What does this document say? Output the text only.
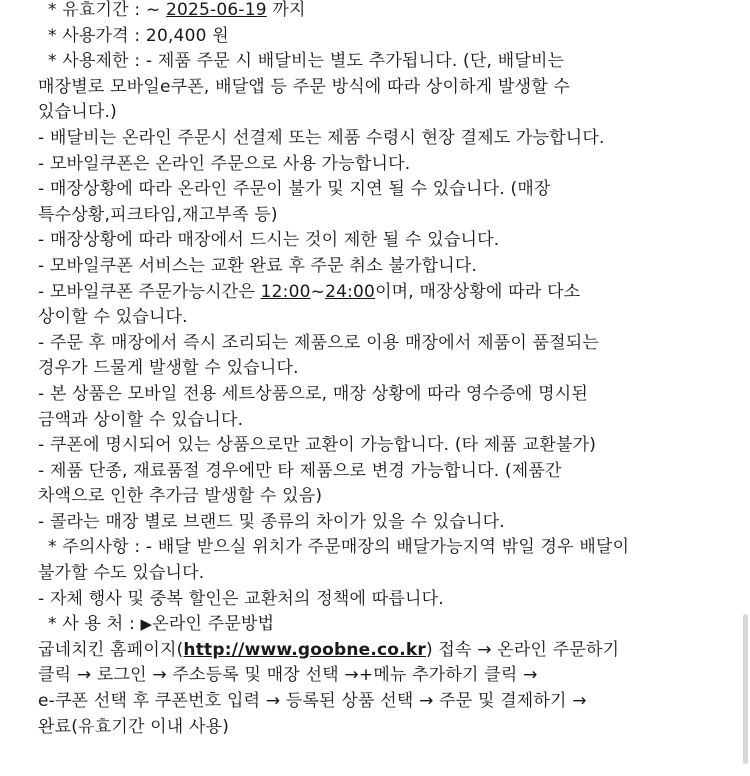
* 유효기간 : ~ 2025-06-19 까지
* 사용가격 : 20,400 원
* 사용제한 : - 제품 주문 시 배달비는 별도 추가됩니다. (단, 배달비는
매장별로 모바일e쿠폰, 배달앱 등 주문 방식에 따라 상이하게 발생할 수
있습니다.)
- 배달비는 온라인 주문시 선결제 또는 제품 수령시 현장 결제도 가능합니다.
- 모바일쿠폰은 온라인 주문으로 사용 가능합니다.
- 매장상황에 따라 온라인 주문이 불가 및 지연 될 수 있습니다. (매장
특수상황,피크타임,재고부족 등)
- 매장상황에 따라 매장에서 드시는 것이 제한 될 수 있습니다.
- 모바일쿠폰 서비스는 교환 완료 후 주문 취소 불가합니다.
- 모바일쿠폰 주문가능시간은 12:00~24:00이며, 매장상황에 따라 다소
상이할 수 있습니다.
- 주문 후 매장에서 즉시 조리되는 제품으로 이용 매장에서 제품이 품절되는
경우가 드물게 발생할 수 있습니다.
- 본 상품은 모바일 전용 세트상품으로, 매장 상황에 따라 영수증에 명시된
금액과 상이할 수 있습니다.
- 쿠폰에 명시되어 있는 상품으로만 교환이 가능합니다. (타 제품 교환불가)
- 제품 단종, 재료품절 경우에만 타 제품으로 변경 가능합니다. (제품간
차액으로 인한 추가금 발생할 수 있음)
- 콜라는 매장 별로 브랜드 및 종류의 차이가 있을 수 있습니다.
* 주의사항 : - 배달 받으실 위치가 주문매장의 배달가능지역 밖일 경우 배달이
불가할 수도 있습니다.
- 자체 행사 및 중복 할인은 교환처의 정책에 따릅니다.
* 사 용 처 : ▶온라인 주문방법
굽네치킨 홈페이지(http://www.goobne.co.kr) 접속 → 온라인 주문하기
클릭 → 로그인 → 주소등록 및 매장 선택 →+메뉴 추가하기 클릭 →
e-쿠폰 선택 후 쿠폰번호 입력 → 등록된 상품 선택 → 주문 및 결제하기 →
완료(유효기간 이내 사용)
